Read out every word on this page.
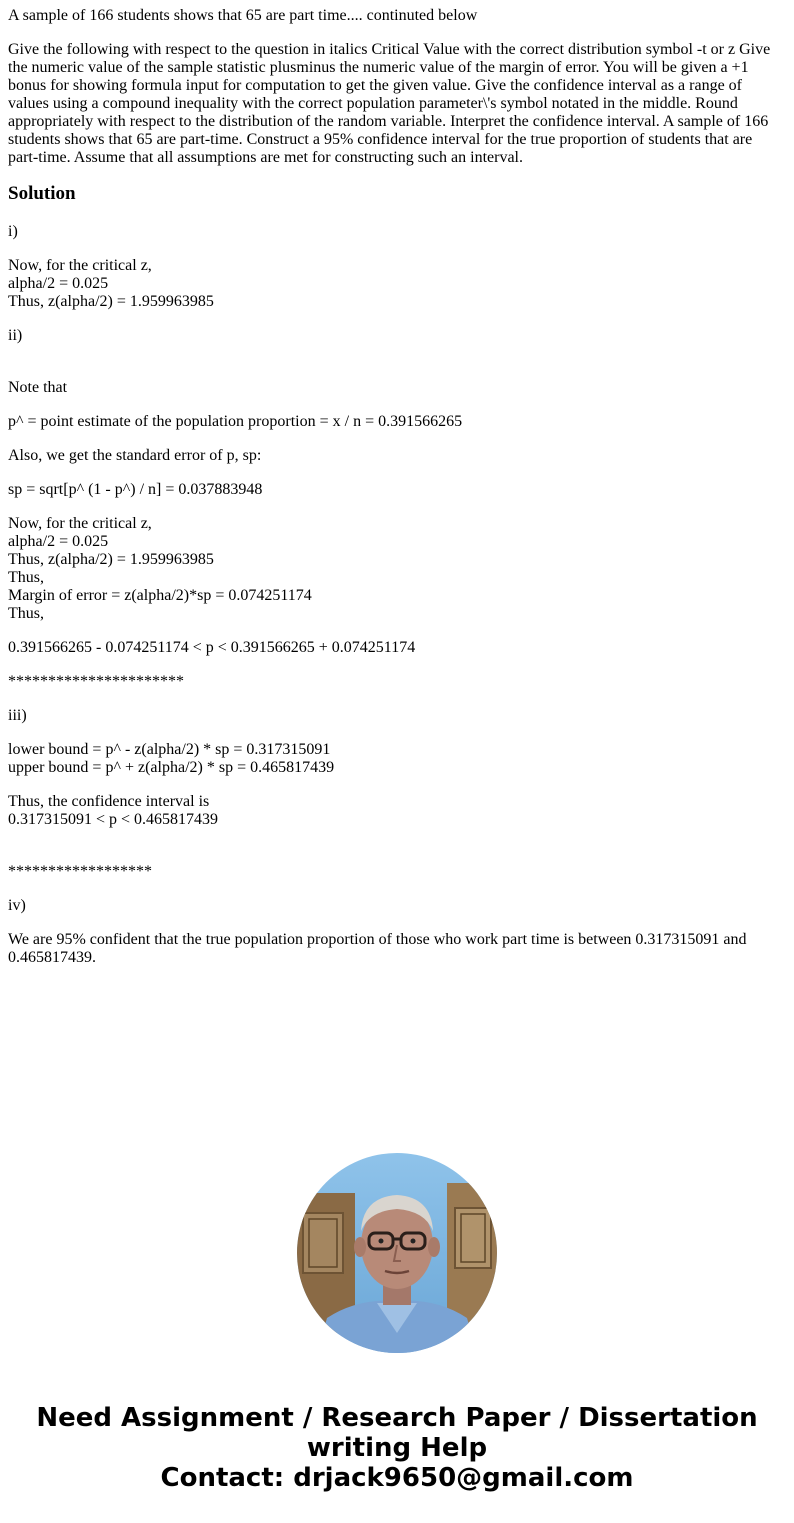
A sample of 166 students shows that 65 are part time.... continuted below

Give the following with respect to the question in italics Critical Value with the correct distribution symbol -t or z Give the numeric value of the sample statistic plusminus the numeric value of the margin of error. You will be given a +1 bonus for showing formula input for computation to get the given value. Give the confidence interval as a range of values using a compound inequality with the correct population parameter\'s symbol notated in the middle. Round appropriately with respect to the distribution of the random variable. Interpret the confidence interval. A sample of 166 students shows that 65 are part-time. Construct a 95% confidence interval for the true proportion of students that are part-time. Assume that all assumptions are met for constructing such an interval.

Solution

i)

Now, for the critical z,
alpha/2 = 0.025
Thus, z(alpha/2) = 1.959963985

ii)

Note that

p^ = point estimate of the population proportion = x / n = 0.391566265

Also, we get the standard error of p, sp:

sp = sqrt[p^ (1 - p^) / n] = 0.037883948

Now, for the critical z,
alpha/2 = 0.025
Thus, z(alpha/2) = 1.959963985
Thus,
Margin of error = z(alpha/2)*sp = 0.074251174
Thus,

0.391566265 - 0.074251174 < p < 0.391566265 + 0.074251174

**********************

iii)

lower bound = p^ - z(alpha/2) * sp = 0.317315091
upper bound = p^ + z(alpha/2) * sp = 0.465817439

Thus, the confidence interval is
0.317315091 < p < 0.465817439

******************

iv)

We are 95% confident that the true population proportion of those who work part time is between 0.317315091 and 0.465817439.

Need Assignment / Research Paper / Dissertation
writing Help
Contact: drjack9650@gmail.com
